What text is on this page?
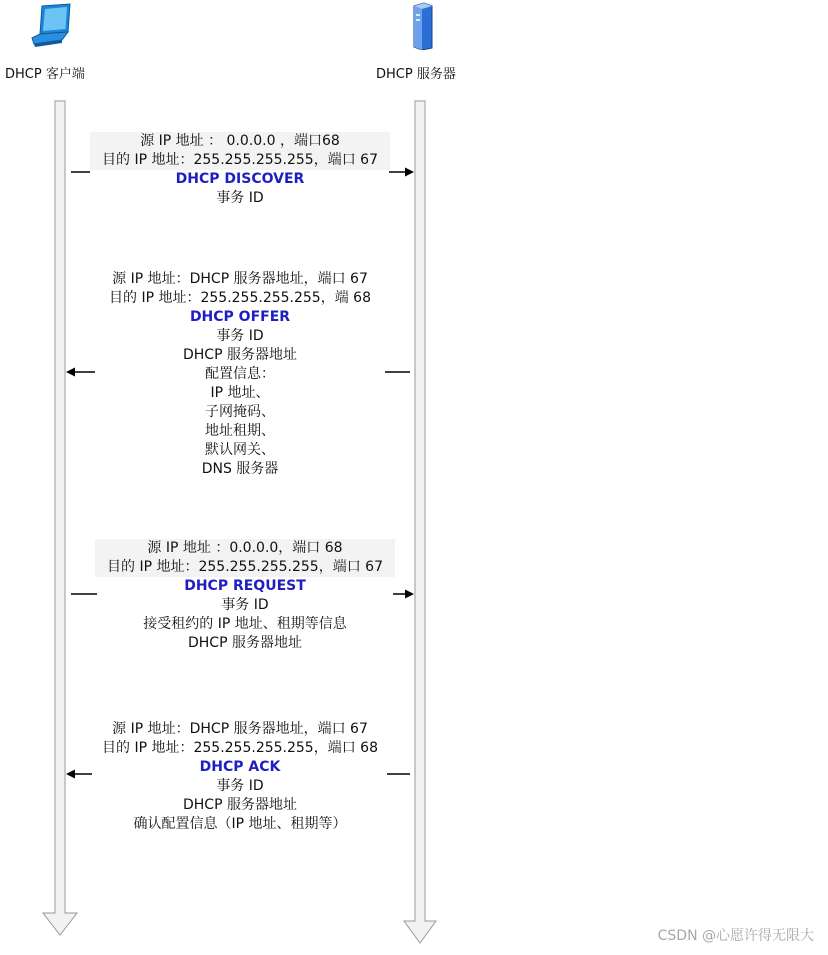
DHCP 客户端	DHCP 服务器
源 IP 地址 ： 0.0.0.0 ，端口68
目的 IP 地址：255.255.255.255，端口 67
DHCP DISCOVER
事务 ID
源 IP 地址：DHCP 服务器地址，端口 67
目的 IP 地址：255.255.255.255，端 68
DHCP OFFER
事务 ID
DHCP 服务器地址
配置信息：
IP 地址、
子网掩码、
地址租期、
默认网关、
DNS 服务器
源 IP 地址 ：0.0.0.0，端口 68
目的 IP 地址：255.255.255.255，端口 67
DHCP REQUEST
事务 ID
接受租约的 IP 地址、租期等信息
DHCP 服务器地址
源 IP 地址：DHCP 服务器地址，端口 67
目的 IP 地址：255.255.255.255，端口 68
DHCP ACK
事务 ID
DHCP 服务器地址
确认配置信息（IP 地址、租期等）
CSDN @心愿许得无限大
